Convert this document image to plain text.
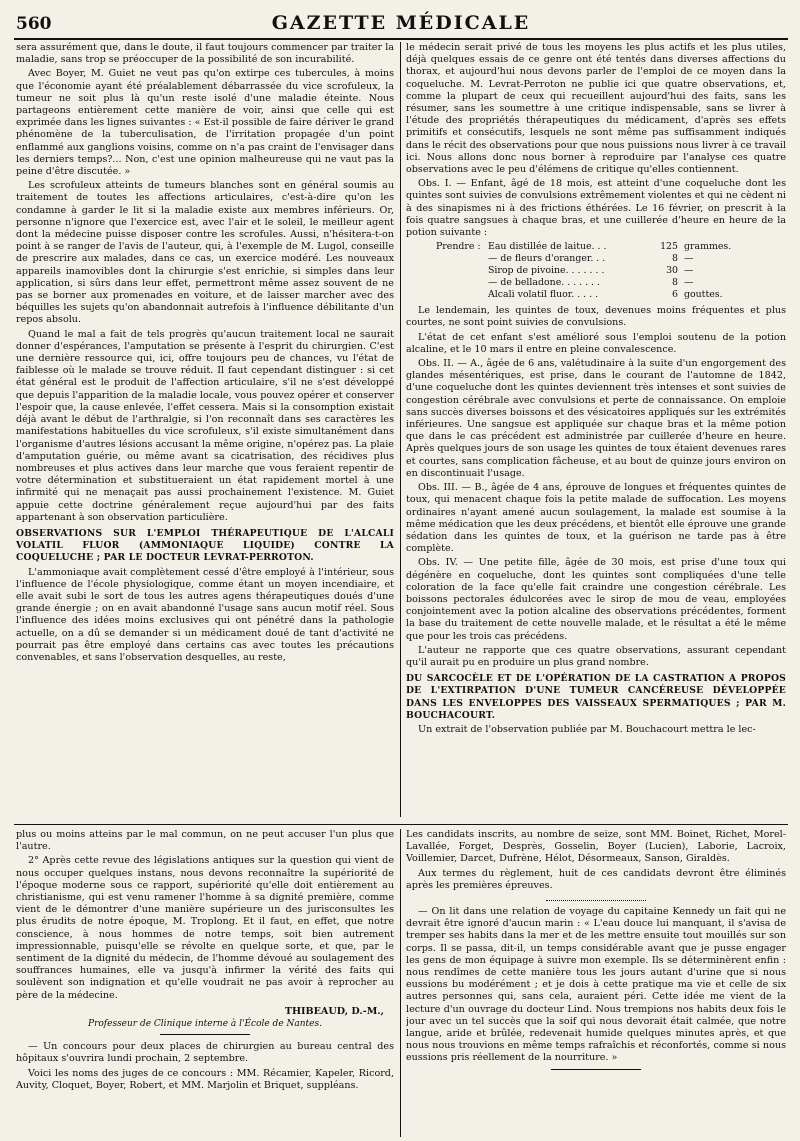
560	GAZETTE MÉDICALE

sera assurément que, dans le doute, il faut toujours commencer par traiter la maladie, sans trop se préoccuper de la possibilité de son incurabilité.

Avec Boyer, M. Guiet ne veut pas qu'on extirpe ces tubercules, à moins que l'économie ayant été préalablement débarrassée du vice scrofuleux, la tumeur ne soit plus là qu'un reste isolé d'une maladie éteinte. Nous partageons entièrement cette manière de voir, ainsi que celle qui est exprimée dans les lignes suivantes : « Est-il possible de faire dériver le grand phénomène de la tuberculisation, de l'irritation propagée d'un point enflammé aux ganglions voisins, comme on n'a pas craint de l'envisager dans les derniers temps?... Non, c'est une opinion malheureuse qui ne vaut pas la peine d'être discutée. »

Les scrofuleux atteints de tumeurs blanches sont en général soumis au traitement de toutes les affections articulaires, c'est-à-dire qu'on les condamne à garder le lit si la maladie existe aux membres inférieurs. Or, personne n'ignore que l'exercice est, avec l'air et le soleil, le meilleur agent dont la médecine puisse disposer contre les scrofules. Aussi, n'hésitera-t-on point à se ranger de l'avis de l'auteur, qui, à l'exemple de M. Lugol, conseille de prescrire aux malades, dans ce cas, un exercice modéré. Les nouveaux appareils inamovibles dont la chirurgie s'est enrichie, si simples dans leur application, si sûrs dans leur effet, permettront même assez souvent de ne pas se borner aux promenades en voiture, et de laisser marcher avec des béquilles les sujets qu'on abandonnait autrefois à l'influence débilitante d'un repos absolu.

Quand le mal a fait de tels progrès qu'aucun traitement local ne saurait donner d'espérances, l'amputation se présente à l'esprit du chirurgien. C'est une dernière ressource qui, ici, offre toujours peu de chances, vu l'état de faiblesse où le malade se trouve réduit. Il faut cependant distinguer : si cet état général est le produit de l'affection articulaire, s'il ne s'est développé que depuis l'apparition de la maladie locale, vous pouvez opérer et conserver l'espoir que, la cause enlevée, l'effet cessera. Mais si la consomption existait déjà avant le début de l'arthralgie, si l'on reconnaît dans ses caractères les manifestations habituelles du vice scrofuleux, s'il existe simultanément dans l'organisme d'autres lésions accusant la même origine, n'opérez pas. La plaie d'amputation guérie, ou même avant sa cicatrisation, des récidives plus nombreuses et plus actives dans leur marche que vous feraient repentir de votre détermination et substitueraient un état rapidement mortel à une infirmité qui ne menaçait pas aussi prochainement l'existence. M. Guiet appuie cette doctrine généralement reçue aujourd'hui par des faits appartenant à son observation particulière.

OBSERVATIONS SUR L'EMPLOI THÉRAPEUTIQUE DE L'ALCALI VOLATIL FLUOR (AMMONIAQUE LIQUIDE) CONTRE LA COQUELUCHE ; PAR LE DOCTEUR LEVRAT-PERROTON.

L'ammoniaque avait complètement cessé d'être employé à l'intérieur, sous l'influence de l'école physiologique, comme étant un moyen incendiaire, et elle avait subi le sort de tous les autres agens thérapeutiques doués d'une grande énergie ; on en avait abandonné l'usage sans aucun motif réel. Sous l'influence des idées moins exclusives qui ont pénétré dans la pathologie actuelle, on a dû se demander si un médicament doué de tant d'activité ne pourrait pas être employé dans certains cas avec toutes les précautions convenables, et sans l'observation desquelles, au reste,

le médecin serait privé de tous les moyens les plus actifs et les plus utiles, déjà quelques essais de ce genre ont été tentés dans diverses affections du thorax, et aujourd'hui nous devons parler de l'emploi de ce moyen dans la coqueluche. M. Levrat-Perroton ne publie ici que quatre observations, et, comme la plupart de ceux qui recueillent aujourd'hui des faits, sans les résumer, sans les soumettre à une critique indispensable, sans se livrer à l'étude des propriétés thérapeutiques du médicament, d'après ses effets primitifs et consécutifs, lesquels ne sont même pas suffisamment indiqués dans le récit des observations pour que nous puissions nous livrer à ce travail ici. Nous allons donc nous borner à reproduire par l'analyse ces quatre observations avec le peu d'élémens de critique qu'elles contiennent.

Obs. I. — Enfant, âgé de 18 mois, est atteint d'une coqueluche dont les quintes sont suivies de convulsions extrêmement violentes et qui ne cèdent ni à des sinapismes ni à des frictions éthérées. Le 16 février, on prescrit à la fois quatre sangsues à chaque bras, et une cuillerée d'heure en heure de la potion suivante :

Prendre : Eau distillée de laitue. . .	125 grammes.
— de fleurs d'oranger. . .	8 —
Sirop de pivoine. . . . . . .	30 —
— de belladone. . . . . . .	8 —
Alcali volatil fluor. . . . .	6 gouttes.

Le lendemain, les quintes de toux, devenues moins fréquentes et plus courtes, ne sont point suivies de convulsions.

L'état de cet enfant s'est amélioré sous l'emploi soutenu de la potion alcaline, et le 10 mars il entre en pleine convalescence.

Obs. II. — A., âgée de 6 ans, valétudinaire à la suite d'un engorgement des glandes mésentériques, est prise, dans le courant de l'automne de 1842, d'une coqueluche dont les quintes deviennent très intenses et sont suivies de congestion cérébrale avec convulsions et perte de connaissance. On emploie sans succès diverses boissons et des vésicatoires appliqués sur les extrémités inférieures. Une sangsue est appliquée sur chaque bras et la même potion que dans le cas précédent est administrée par cuillerée d'heure en heure. Après quelques jours de son usage les quintes de toux étaient devenues rares et courtes, sans complication fâcheuse, et au bout de quinze jours environ on en discontinuait l'usage.

Obs. III. — B., âgée de 4 ans, éprouve de longues et fréquentes quintes de toux, qui menacent chaque fois la petite malade de suffocation. Les moyens ordinaires n'ayant amené aucun soulagement, la malade est soumise à la même médication que les deux précédens, et bientôt elle éprouve une grande sédation dans les quintes de toux, et la guérison ne tarde pas à être complète.

Obs. IV. — Une petite fille, âgée de 30 mois, est prise d'une toux qui dégénère en coqueluche, dont les quintes sont compliquées d'une telle coloration de la face qu'elle fait craindre une congestion cérébrale. Les boissons pectorales édulcorées avec le sirop de mou de veau, employées conjointement avec la potion alcaline des observations précédentes, forment la base du traitement de cette nouvelle malade, et le résultat a été le même que pour les trois cas précédens.

L'auteur ne rapporte que ces quatre observations, assurant cependant qu'il aurait pu en produire un plus grand nombre.

DU SARCOCÈLE ET DE L'OPÉRATION DE LA CASTRATION A PROPOS DE L'EXTIRPATION D'UNE TUMEUR CANCÉREUSE DÉVELOPPÉE DANS LES ENVELOPPES DES VAISSEAUX SPERMATIQUES ; PAR M. BOUCHACOURT.

Un extrait de l'observation publiée par M. Bouchacourt mettra le lec-

plus ou moins atteins par le mal commun, on ne peut accuser l'un plus que l'autre.

2° Après cette revue des législations antiques sur la question qui vient de nous occuper quelques instans, nous devons reconnaître la supériorité de l'époque moderne sous ce rapport, supériorité qu'elle doit entièrement au christianisme, qui est venu ramener l'homme à sa dignité première, comme vient de le démontrer d'une manière supérieure un des jurisconsultes les plus érudits de notre époque, M. Troplong. Et il faut, en effet, que notre conscience, à nous hommes de notre temps, soit bien autrement impressionnable, puisqu'elle se révolte en quelque sorte, et que, par le sentiment de la dignité du médecin, de l'homme dévoué au soulagement des souffrances humaines, elle va jusqu'à infirmer la vérité des faits qui soulèvent son indignation et qu'elle voudrait ne pas avoir à reprocher au père de la médecine.

THIBEAUD, D.-M.,

Professeur de Clinique interne à l'École de Nantes.

— Un concours pour deux places de chirurgien au bureau central des hôpitaux s'ouvrira lundi prochain, 2 septembre.

Voici les noms des juges de ce concours : MM. Récamier, Kapeler, Ricord, Auvity, Cloquet, Boyer, Robert, et MM. Marjolin et Briquet, suppléans.

Les candidats inscrits, au nombre de seize, sont MM. Boinet, Richet, Morel-Lavallée, Forget, Desprès, Gosselin, Boyer (Lucien), Laborie, Lacroix, Voillemier, Darcet, Dufrène, Hélot, Désormeaux, Sanson, Giraldès.

Aux termes du règlement, huit de ces candidats devront être éliminés après les premières épreuves.

— On lit dans une relation de voyage du capitaine Kennedy un fait qui ne devrait être ignoré d'aucun marin : « L'eau douce lui manquant, il s'avisa de tremper ses habits dans la mer et de les mettre ensuite tout mouillés sur son corps. Il se passa, dit-il, un temps considérable avant que je pusse engager les gens de mon équipage à suivre mon exemple. Ils se déterminèrent enfin : nous rendîmes de cette manière tous les jours autant d'urine que si nous eussions bu modérément ; et je dois à cette pratique ma vie et celle de six autres personnes qui, sans cela, auraient péri. Cette idée me vient de la lecture d'un ouvrage du docteur Lind. Nous trempions nos habits deux fois le jour avec un tel succès que la soif qui nous devorait était calmée, que notre langue, aride et brûlée, redevenait humide quelques minutes après, et que nous nous trouvions en même temps rafraîchis et réconfortés, comme si nous eussions pris réellement de la nourriture. »
